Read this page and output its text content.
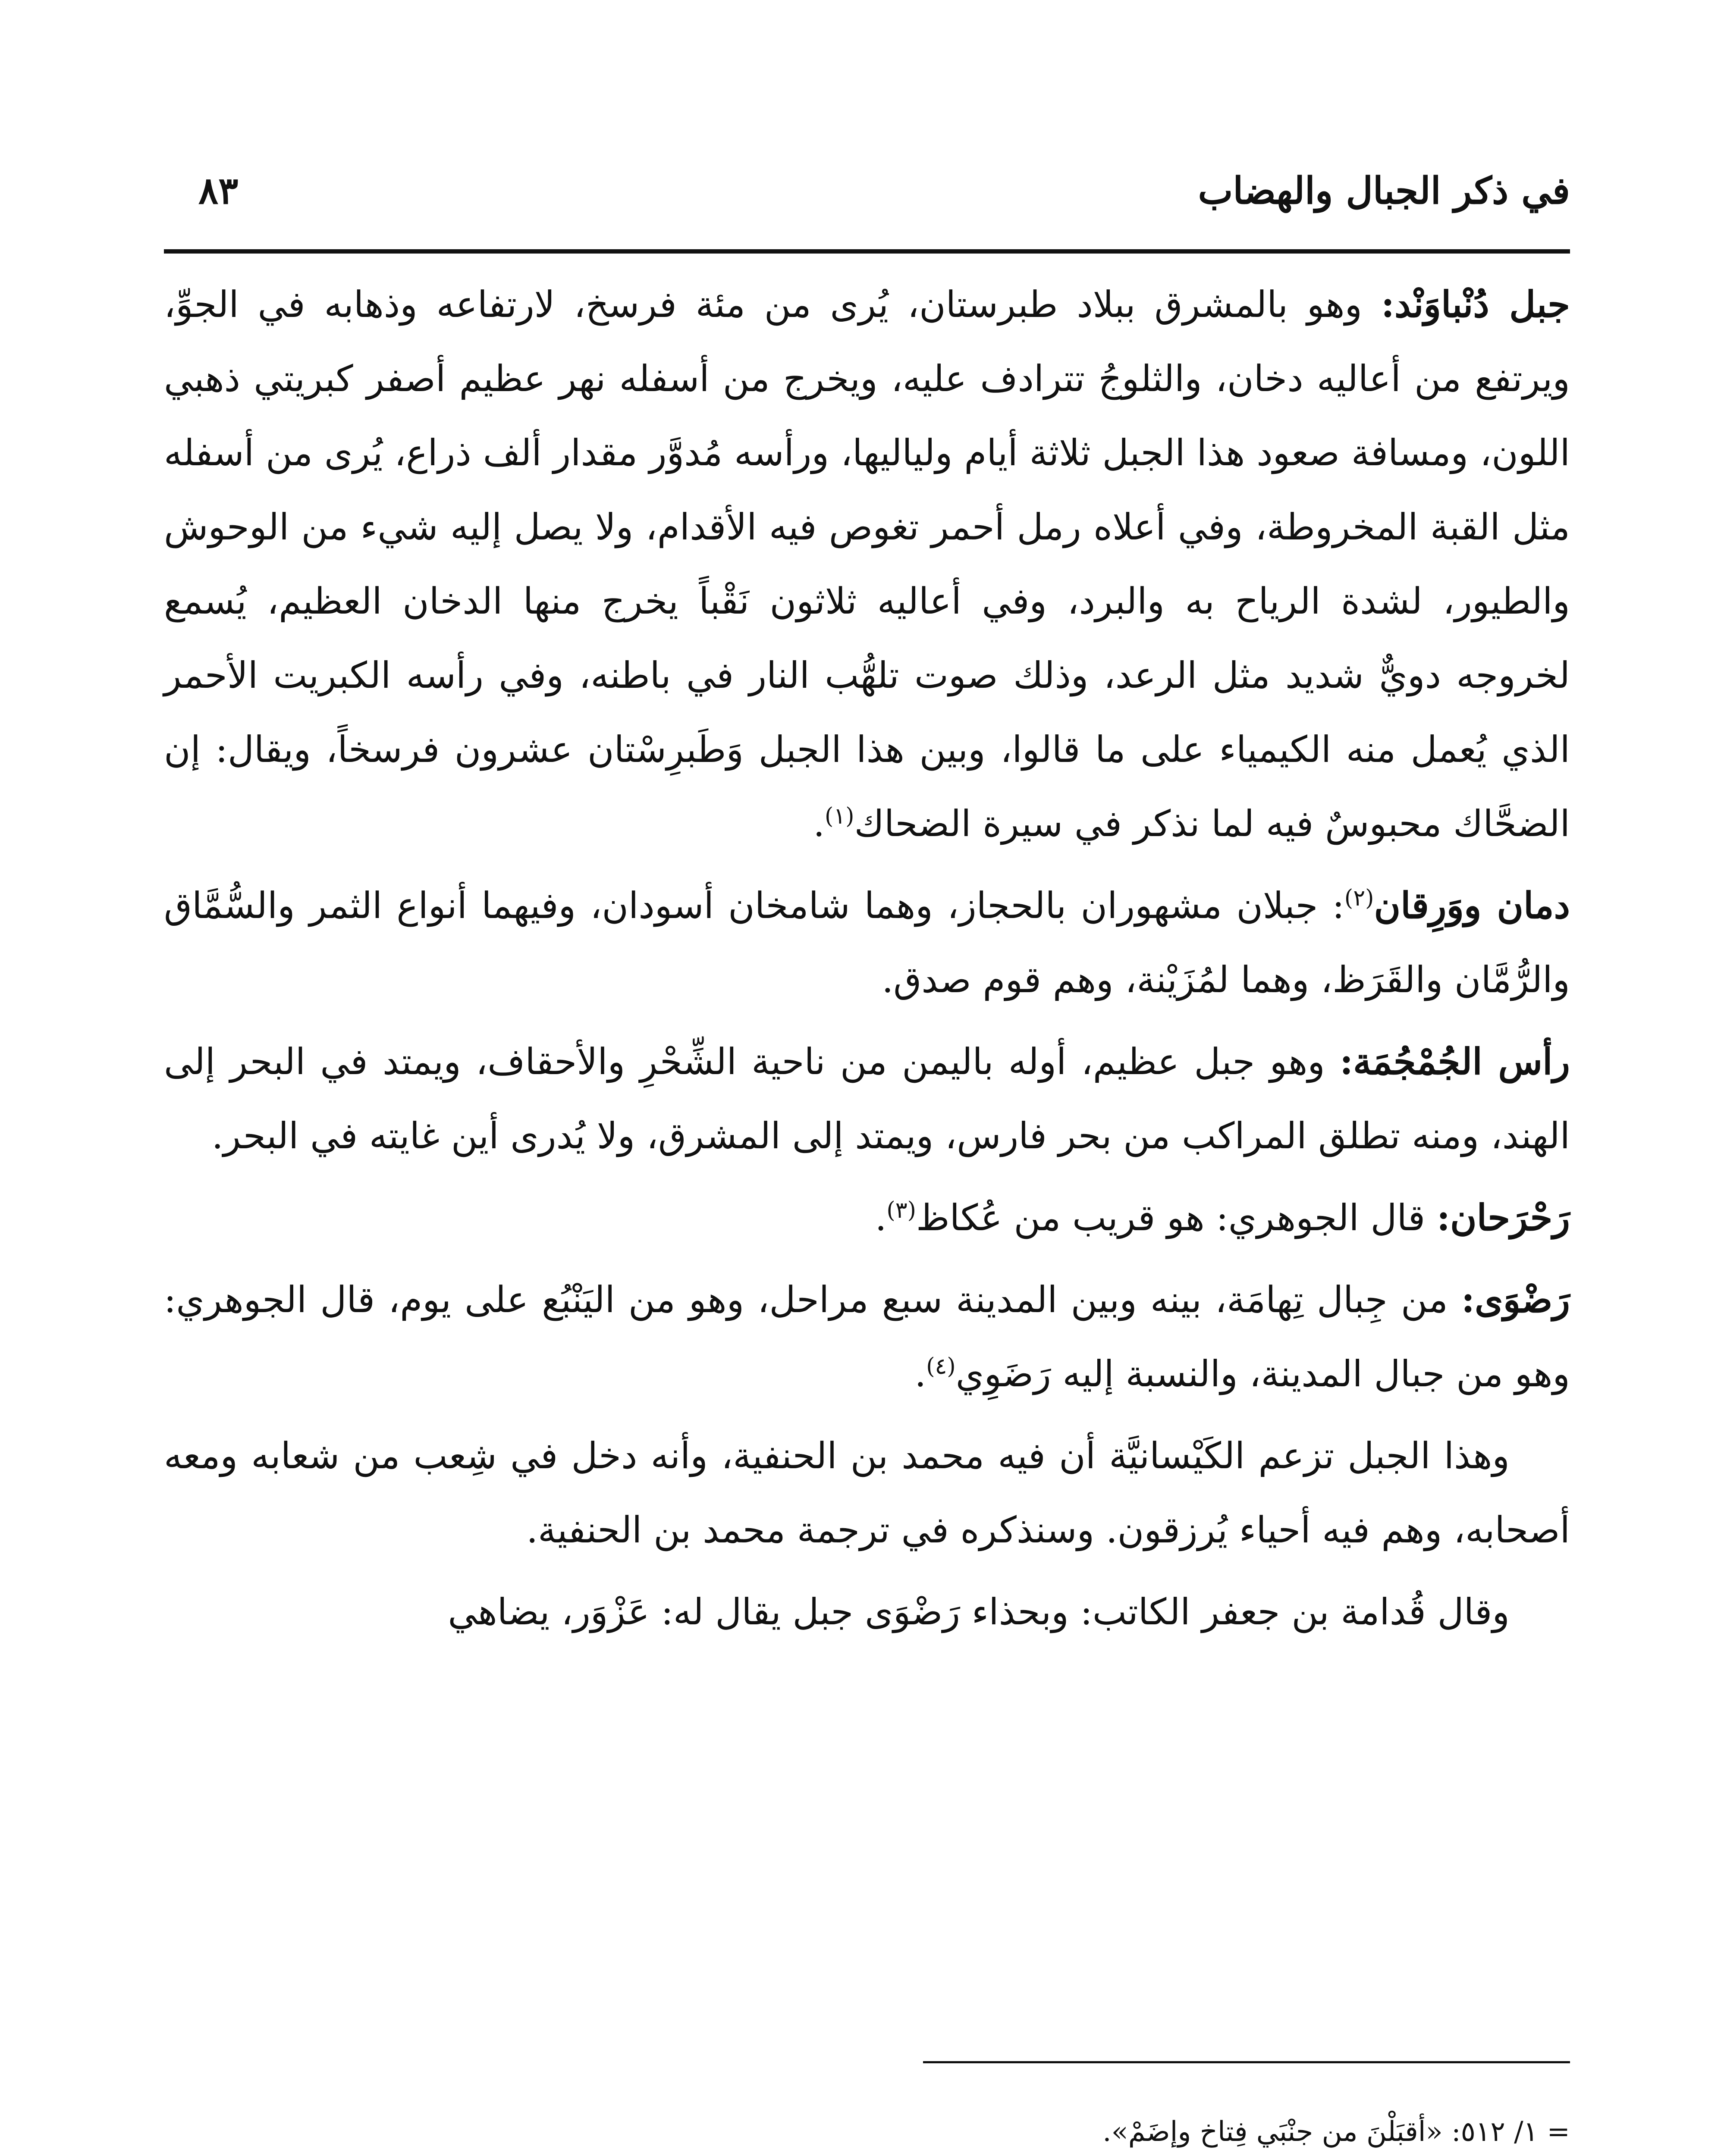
في ذكر الجبال والهضاب
٨٣

جبل دُنْباوَنْد: وهو بالمشرق ببلاد طبرستان، يُرى من مئة فرسخ، لارتفاعه وذهابه في الجوِّ، ويرتفع من أعاليه دخان، والثلوجُ تترادف عليه، ويخرج من أسفله نهر عظيم أصفر كبريتي ذهبي اللون، ومسافة صعود هذا الجبل ثلاثة أيام ولياليها، ورأسه مُدوَّر مقدار ألف ذراع، يُرى من أسفله مثل القبة المخروطة، وفي أعلاه رمل أحمر تغوص فيه الأقدام، ولا يصل إليه شيء من الوحوش والطيور، لشدة الرياح به والبرد، وفي أعاليه ثلاثون نَقْباً يخرج منها الدخان العظيم، يُسمع لخروجه دويٌّ شديد مثل الرعد، وذلك صوت تلهُّب النار في باطنه، وفي رأسه الكبريت الأحمر الذي يُعمل منه الكيمياء على ما قالوا، وبين هذا الجبل وَطَبرِسْتان عشرون فرسخاً، ويقال: إن الضحَّاك محبوسٌ فيه لما نذكر في سيرة الضحاك$^{(١)}$.

دمان ووَرِقان$^{(٢)}$: جبلان مشهوران بالحجاز، وهما شامخان أسودان، وفيهما أنواع الثمر والسُّمَّاق والرُّمَّان والقَرَظ، وهما لمُزَيْنة، وهم قوم صدق.

رأس الجُمْجُمَة: وهو جبل عظيم، أوله باليمن من ناحية الشِّحْرِ والأحقاف، ويمتد في البحر إلى الهند، ومنه تطلق المراكب من بحر فارس، ويمتد إلى المشرق، ولا يُدرى أين غايته في البحر.

رَحْرَحان: قال الجوهري: هو قريب من عُكاظ$^{(٣)}$.

رَضْوَى: من جِبال تِهامَة، بينه وبين المدينة سبع مراحل، وهو من اليَنْبُع على يوم، قال الجوهري: وهو من جبال المدينة، والنسبة إليه رَضَوِي$^{(٤)}$.

وهذا الجبل تزعم الكَيْسانيَّة أن فيه محمد بن الحنفية، وأنه دخل في شِعب من شعابه ومعه أصحابه، وهم فيه أحياء يُرزقون. وسنذكره في ترجمة محمد بن الحنفية.

وقال قُدامة بن جعفر الكاتب: وبحذاء رَضْوَى جبل يقال له: عَزْوَر، يضاهي

= ١/ ٥١٢: «أقبَلْنَ من جنْبَي فِتاخ وإضَمْ».
